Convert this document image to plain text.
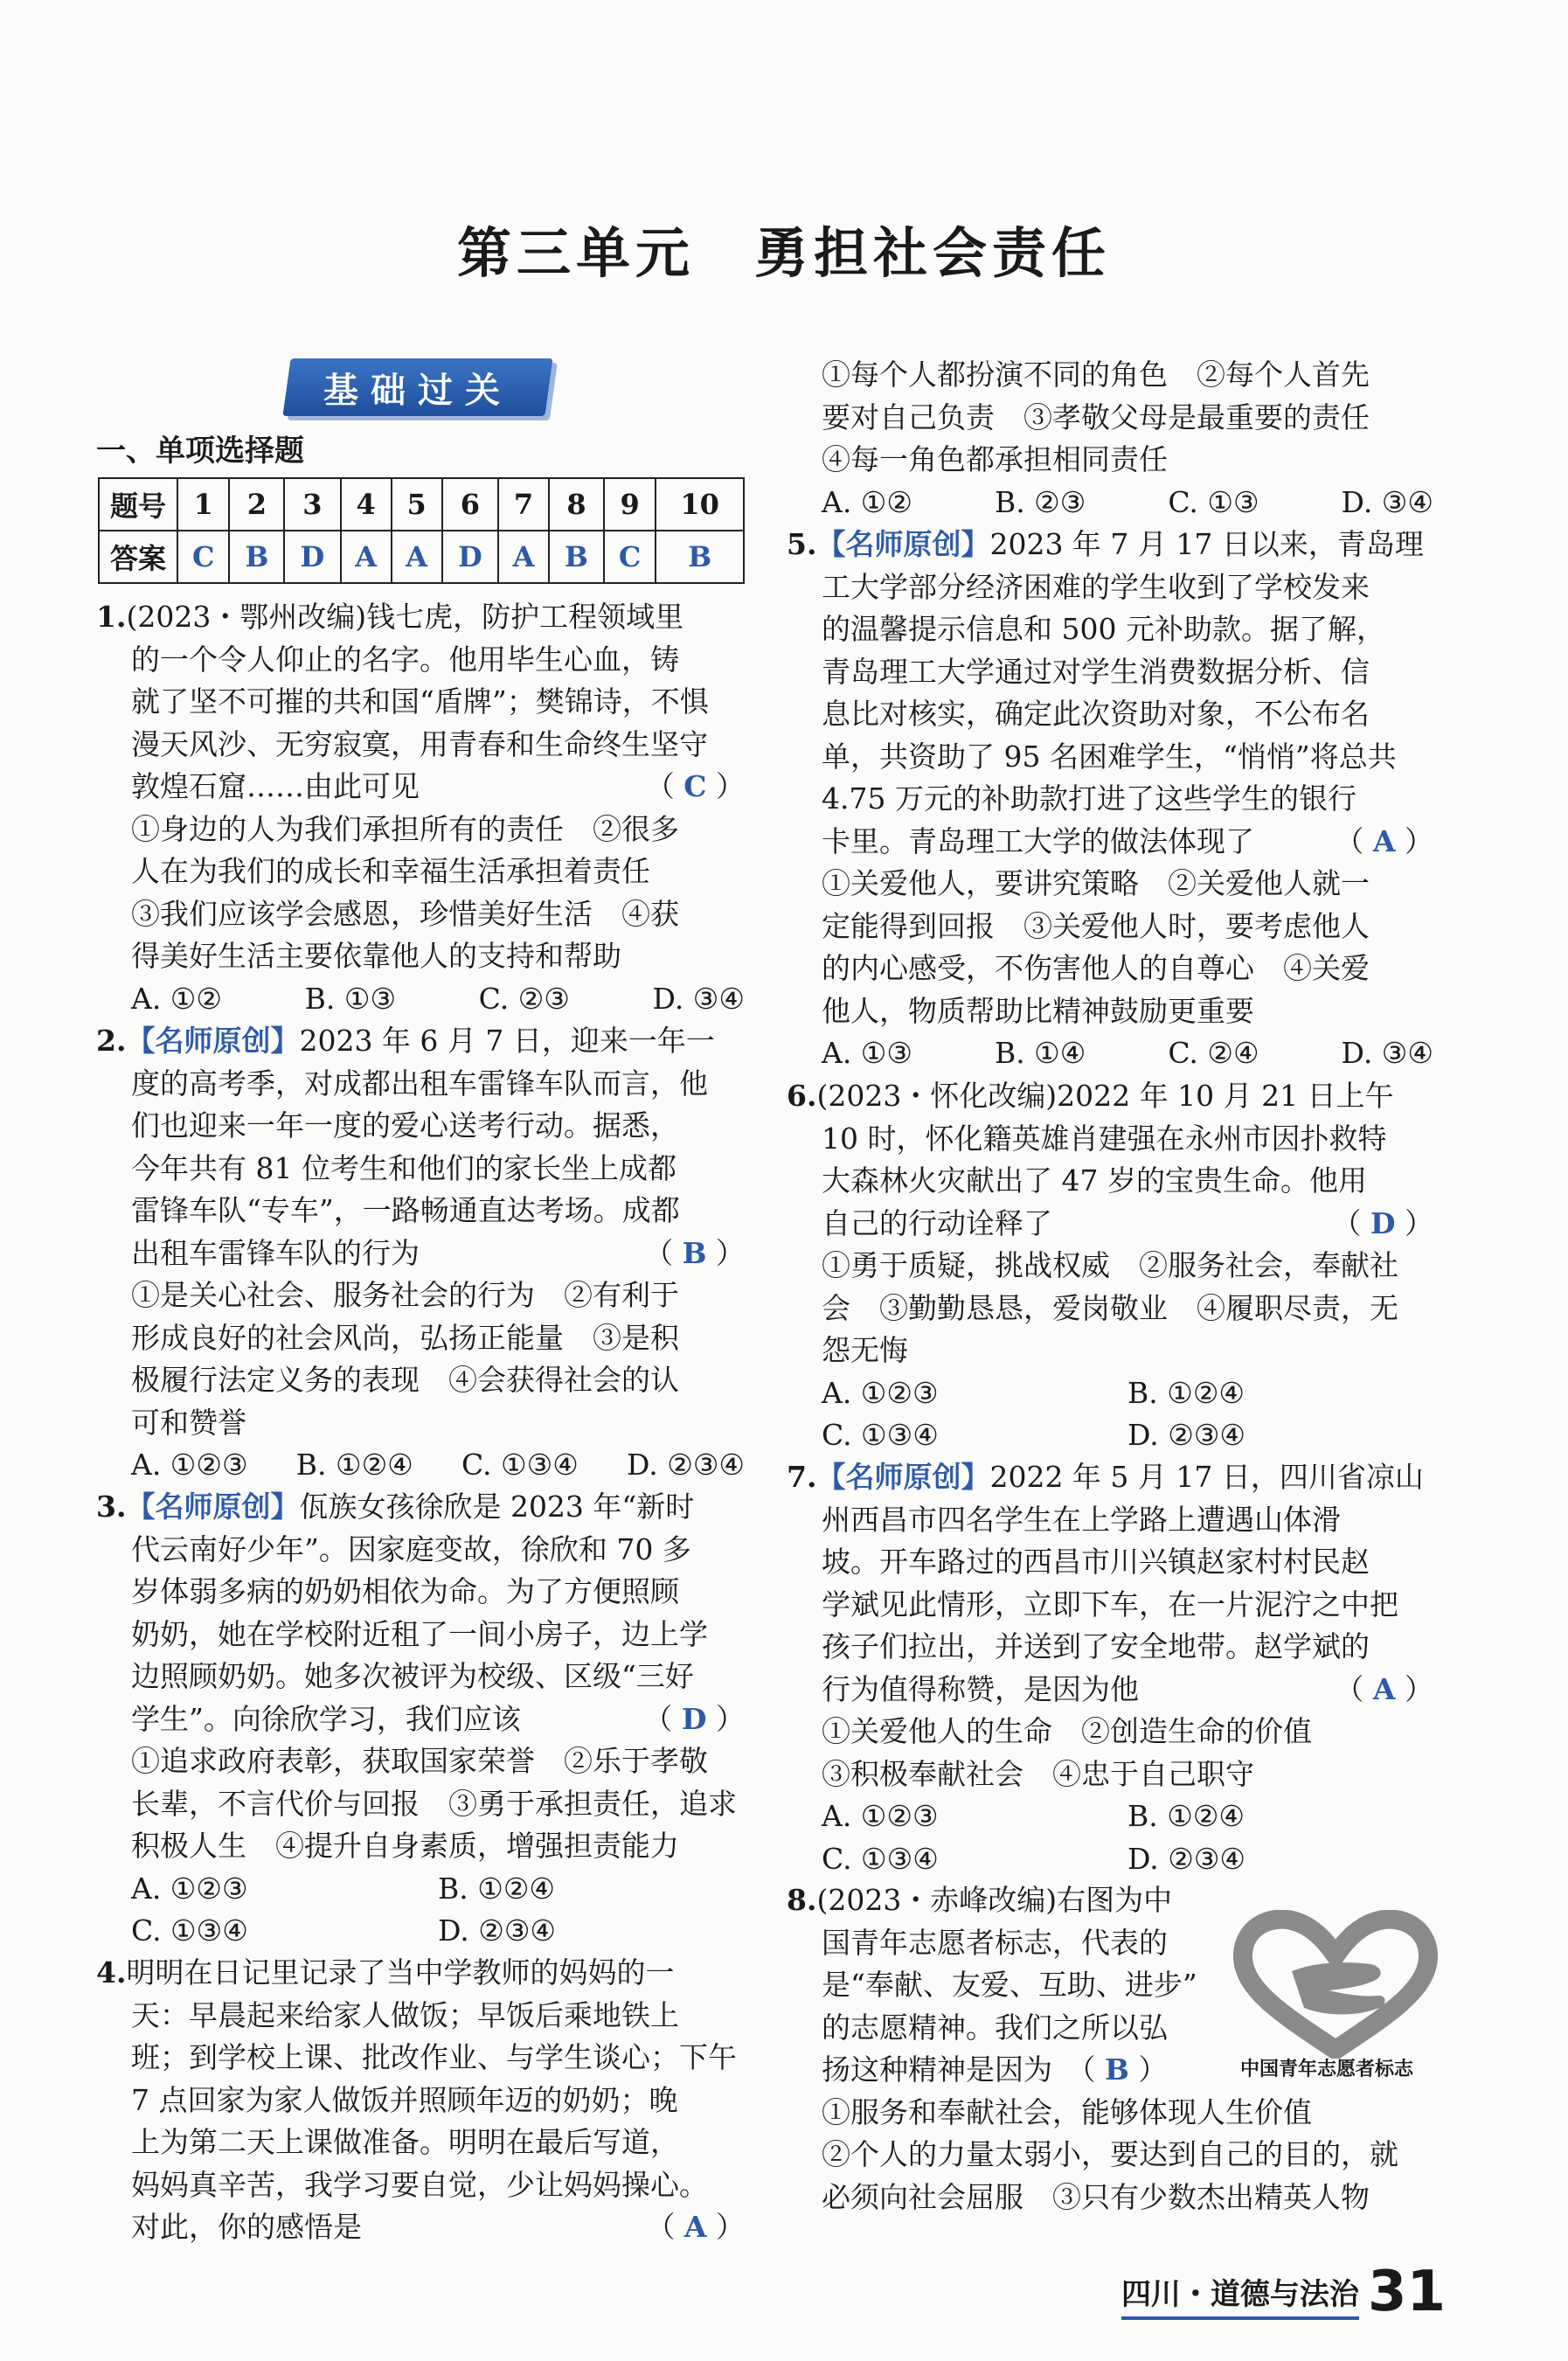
第三单元　勇担社会责任
基础过关
一、单项选择题
题号	1	2	3	4	5	6	7	8	9	10
答案	C	B	D	A	A	D	A	B	C	B
1.(2023・鄂州改编)钱七虎，防护工程领域里
的一个令人仰止的名字。他用毕生心血，铸
就了坚不可摧的共和国“盾牌”；樊锦诗，不惧
漫天风沙、无穷寂寞，用青春和生命终生坚守
敦煌石窟……由此可见	（ C ）
①身边的人为我们承担所有的责任　②很多
人在为我们的成长和幸福生活承担着责任
③我们应该学会感恩，珍惜美好生活　④获
得美好生活主要依靠他人的支持和帮助
A. ①②	B. ①③	C. ②③	D. ③④
2.【名师原创】2023 年 6 月 7 日，迎来一年一
度的高考季，对成都出租车雷锋车队而言，他
们也迎来一年一度的爱心送考行动。据悉，
今年共有 81 位考生和他们的家长坐上成都
雷锋车队“专车”，一路畅通直达考场。成都
出租车雷锋车队的行为	（ B ）
①是关心社会、服务社会的行为　②有利于
形成良好的社会风尚，弘扬正能量　③是积
极履行法定义务的表现　④会获得社会的认
可和赞誉
A. ①②③ B. ①②④ C. ①③④ D. ②③④
3.【名师原创】佤族女孩徐欣是 2023 年“新时
代云南好少年”。因家庭变故，徐欣和 70 多
岁体弱多病的奶奶相依为命。为了方便照顾
奶奶，她在学校附近租了一间小房子，边上学
边照顾奶奶。她多次被评为校级、区级“三好
学生”。向徐欣学习，我们应该	（ D ）
①追求政府表彰，获取国家荣誉　②乐于孝敬
长辈，不言代价与回报　③勇于承担责任，追求
积极人生　④提升自身素质，增强担责能力
A. ①②③	B. ①②④
C. ①③④	D. ②③④
4.明明在日记里记录了当中学教师的妈妈的一
天：早晨起来给家人做饭；早饭后乘地铁上
班；到学校上课、批改作业、与学生谈心；下午
7 点回家为家人做饭并照顾年迈的奶奶；晚
上为第二天上课做准备。明明在最后写道，
妈妈真辛苦，我学习要自觉，少让妈妈操心。
对此，你的感悟是	（ A ）
①每个人都扮演不同的角色　②每个人首先
要对自己负责　③孝敬父母是最重要的责任
④每一角色都承担相同责任
A. ①②	B. ②③	C. ①③	D. ③④
5.【名师原创】2023 年 7 月 17 日以来，青岛理
工大学部分经济困难的学生收到了学校发来
的温馨提示信息和 500 元补助款。据了解，
青岛理工大学通过对学生消费数据分析、信
息比对核实，确定此次资助对象，不公布名
单，共资助了 95 名困难学生，“悄悄”将总共
4.75 万元的补助款打进了这些学生的银行
卡里。青岛理工大学的做法体现了	（ A ）
①关爱他人，要讲究策略　②关爱他人就一
定能得到回报　③关爱他人时，要考虑他人
的内心感受，不伤害他人的自尊心　④关爱
他人，物质帮助比精神鼓励更重要
A. ①③	B. ①④	C. ②④	D. ③④
6.(2023・怀化改编)2022 年 10 月 21 日上午
10 时，怀化籍英雄肖建强在永州市因扑救特
大森林火灾献出了 47 岁的宝贵生命。他用
自己的行动诠释了	（ D ）
①勇于质疑，挑战权威　②服务社会，奉献社
会　③勤勤恳恳，爱岗敬业　④履职尽责，无
怨无悔
A. ①②③	B. ①②④
C. ①③④	D. ②③④
7.【名师原创】2022 年 5 月 17 日，四川省凉山
州西昌市四名学生在上学路上遭遇山体滑
坡。开车路过的西昌市川兴镇赵家村村民赵
学斌见此情形，立即下车，在一片泥泞之中把
孩子们拉出，并送到了安全地带。赵学斌的
行为值得称赞，是因为他	（ A ）
①关爱他人的生命　②创造生命的价值
③积极奉献社会　④忠于自己职守
A. ①②③	B. ①②④
C. ①③④	D. ②③④
8.(2023・赤峰改编)右图为中
国青年志愿者标志，代表的
是“奉献、友爱、互助、进步”
的志愿精神。我们之所以弘
扬这种精神是因为　（ B ）
①服务和奉献社会，能够体现人生价值
②个人的力量太弱小，要达到自己的目的，就
必须向社会屈服　③只有少数杰出精英人物
中国青年志愿者标志
四川・道德与法治 31
